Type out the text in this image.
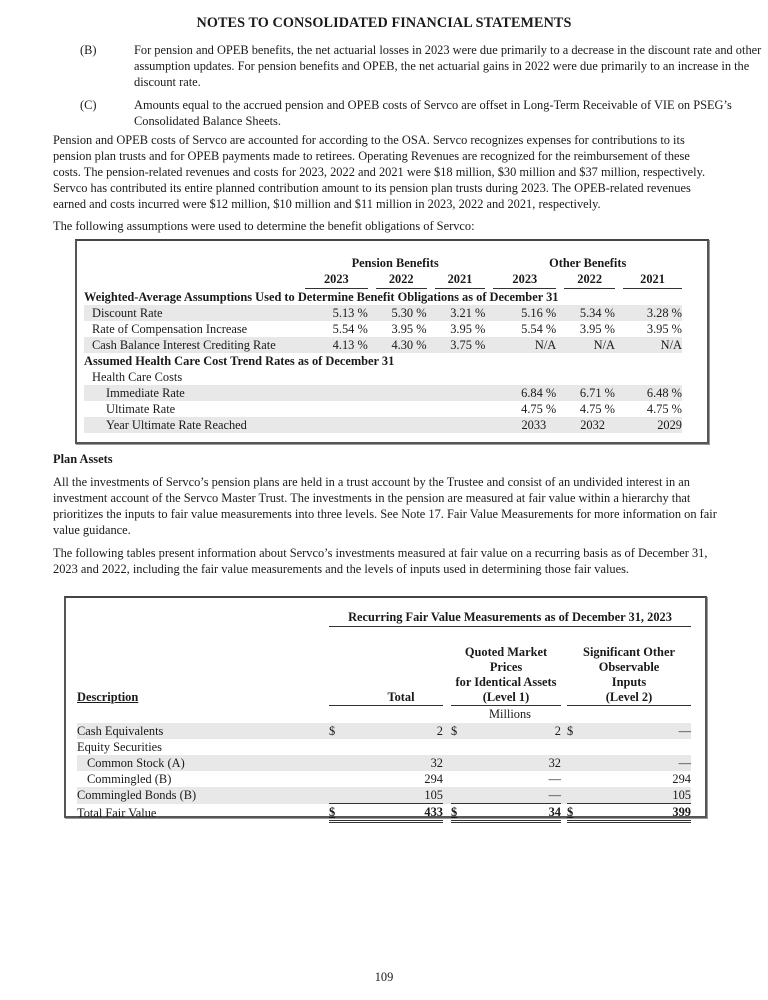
NOTES TO CONSOLIDATED FINANCIAL STATEMENTS
(B)	For pension and OPEB benefits, the net actuarial losses in 2023 were due primarily to a decrease in the discount rate and other assumption updates. For pension benefits and OPEB, the net actuarial gains in 2022 were due primarily to an increase in the discount rate.
(C)	Amounts equal to the accrued pension and OPEB costs of Servco are offset in Long-Term Receivable of VIE on PSEG’s Consolidated Balance Sheets.
Pension and OPEB costs of Servco are accounted for according to the OSA. Servco recognizes expenses for contributions to its pension plan trusts and for OPEB payments made to retirees. Operating Revenues are recognized for the reimbursement of these costs. The pension-related revenues and costs for 2023, 2022 and 2021 were $18 million, $30 million and $37 million, respectively. Servco has contributed its entire planned contribution amount to its pension plan trusts during 2023. The OPEB-related revenues earned and costs incurred were $12 million, $10 million and $11 million in 2023, 2022 and 2021, respectively.
The following assumptions were used to determine the benefit obligations of Servco:
	Pension Benefits						Other Benefits				
	2023		2022		2021		2023		2022		2021
Weighted-Average Assumptions Used to Determine Benefit Obligations as of December 31											
Discount Rate	5.13 %		5.30 %		3.21 %		5.16 %		5.34 %		3.28 %
Rate of Compensation Increase	5.54 %		3.95 %		3.95 %		5.54 %		3.95 %		3.95 %
Cash Balance Interest Crediting Rate	4.13 %		4.30 %		3.75 %		N/A		N/A		N/A
Assumed Health Care Cost Trend Rates as of December 31											
Health Care Costs											
Immediate Rate							6.84 %		6.71 %		6.48 %
Ultimate Rate							4.75 %		4.75 %		4.75 %
Year Ultimate Rate Reached							2033		2032		2029
Plan Assets
All the investments of Servco’s pension plans are held in a trust account by the Trustee and consist of an undivided interest in an investment account of the Servco Master Trust. The investments in the pension are measured at fair value within a hierarchy that prioritizes the inputs to fair value measurements into three levels. See Note 17. Fair Value Measurements for more information on fair value guidance.
The following tables present information about Servco’s investments measured at fair value on a recurring basis as of December 31, 2023 and 2022, including the fair value measurements and the levels of inputs used in determining those fair values.
	Recurring Fair Value Measurements as of December 31, 2023							
Description	Total		
Quoted Market Prices
for Identical Assets
(Level 1)

Significant Other
Observable
Inputs
(Level 2)

	Millions							
Cash Equivalents	$	2		$	2		$	—
Equity Securities								
Common Stock (A)		32			32			—
Commingled (B)		294			—			294
Commingled Bonds (B)		105			—			105
Total Fair Value	$	433		$	34		$	399
109
